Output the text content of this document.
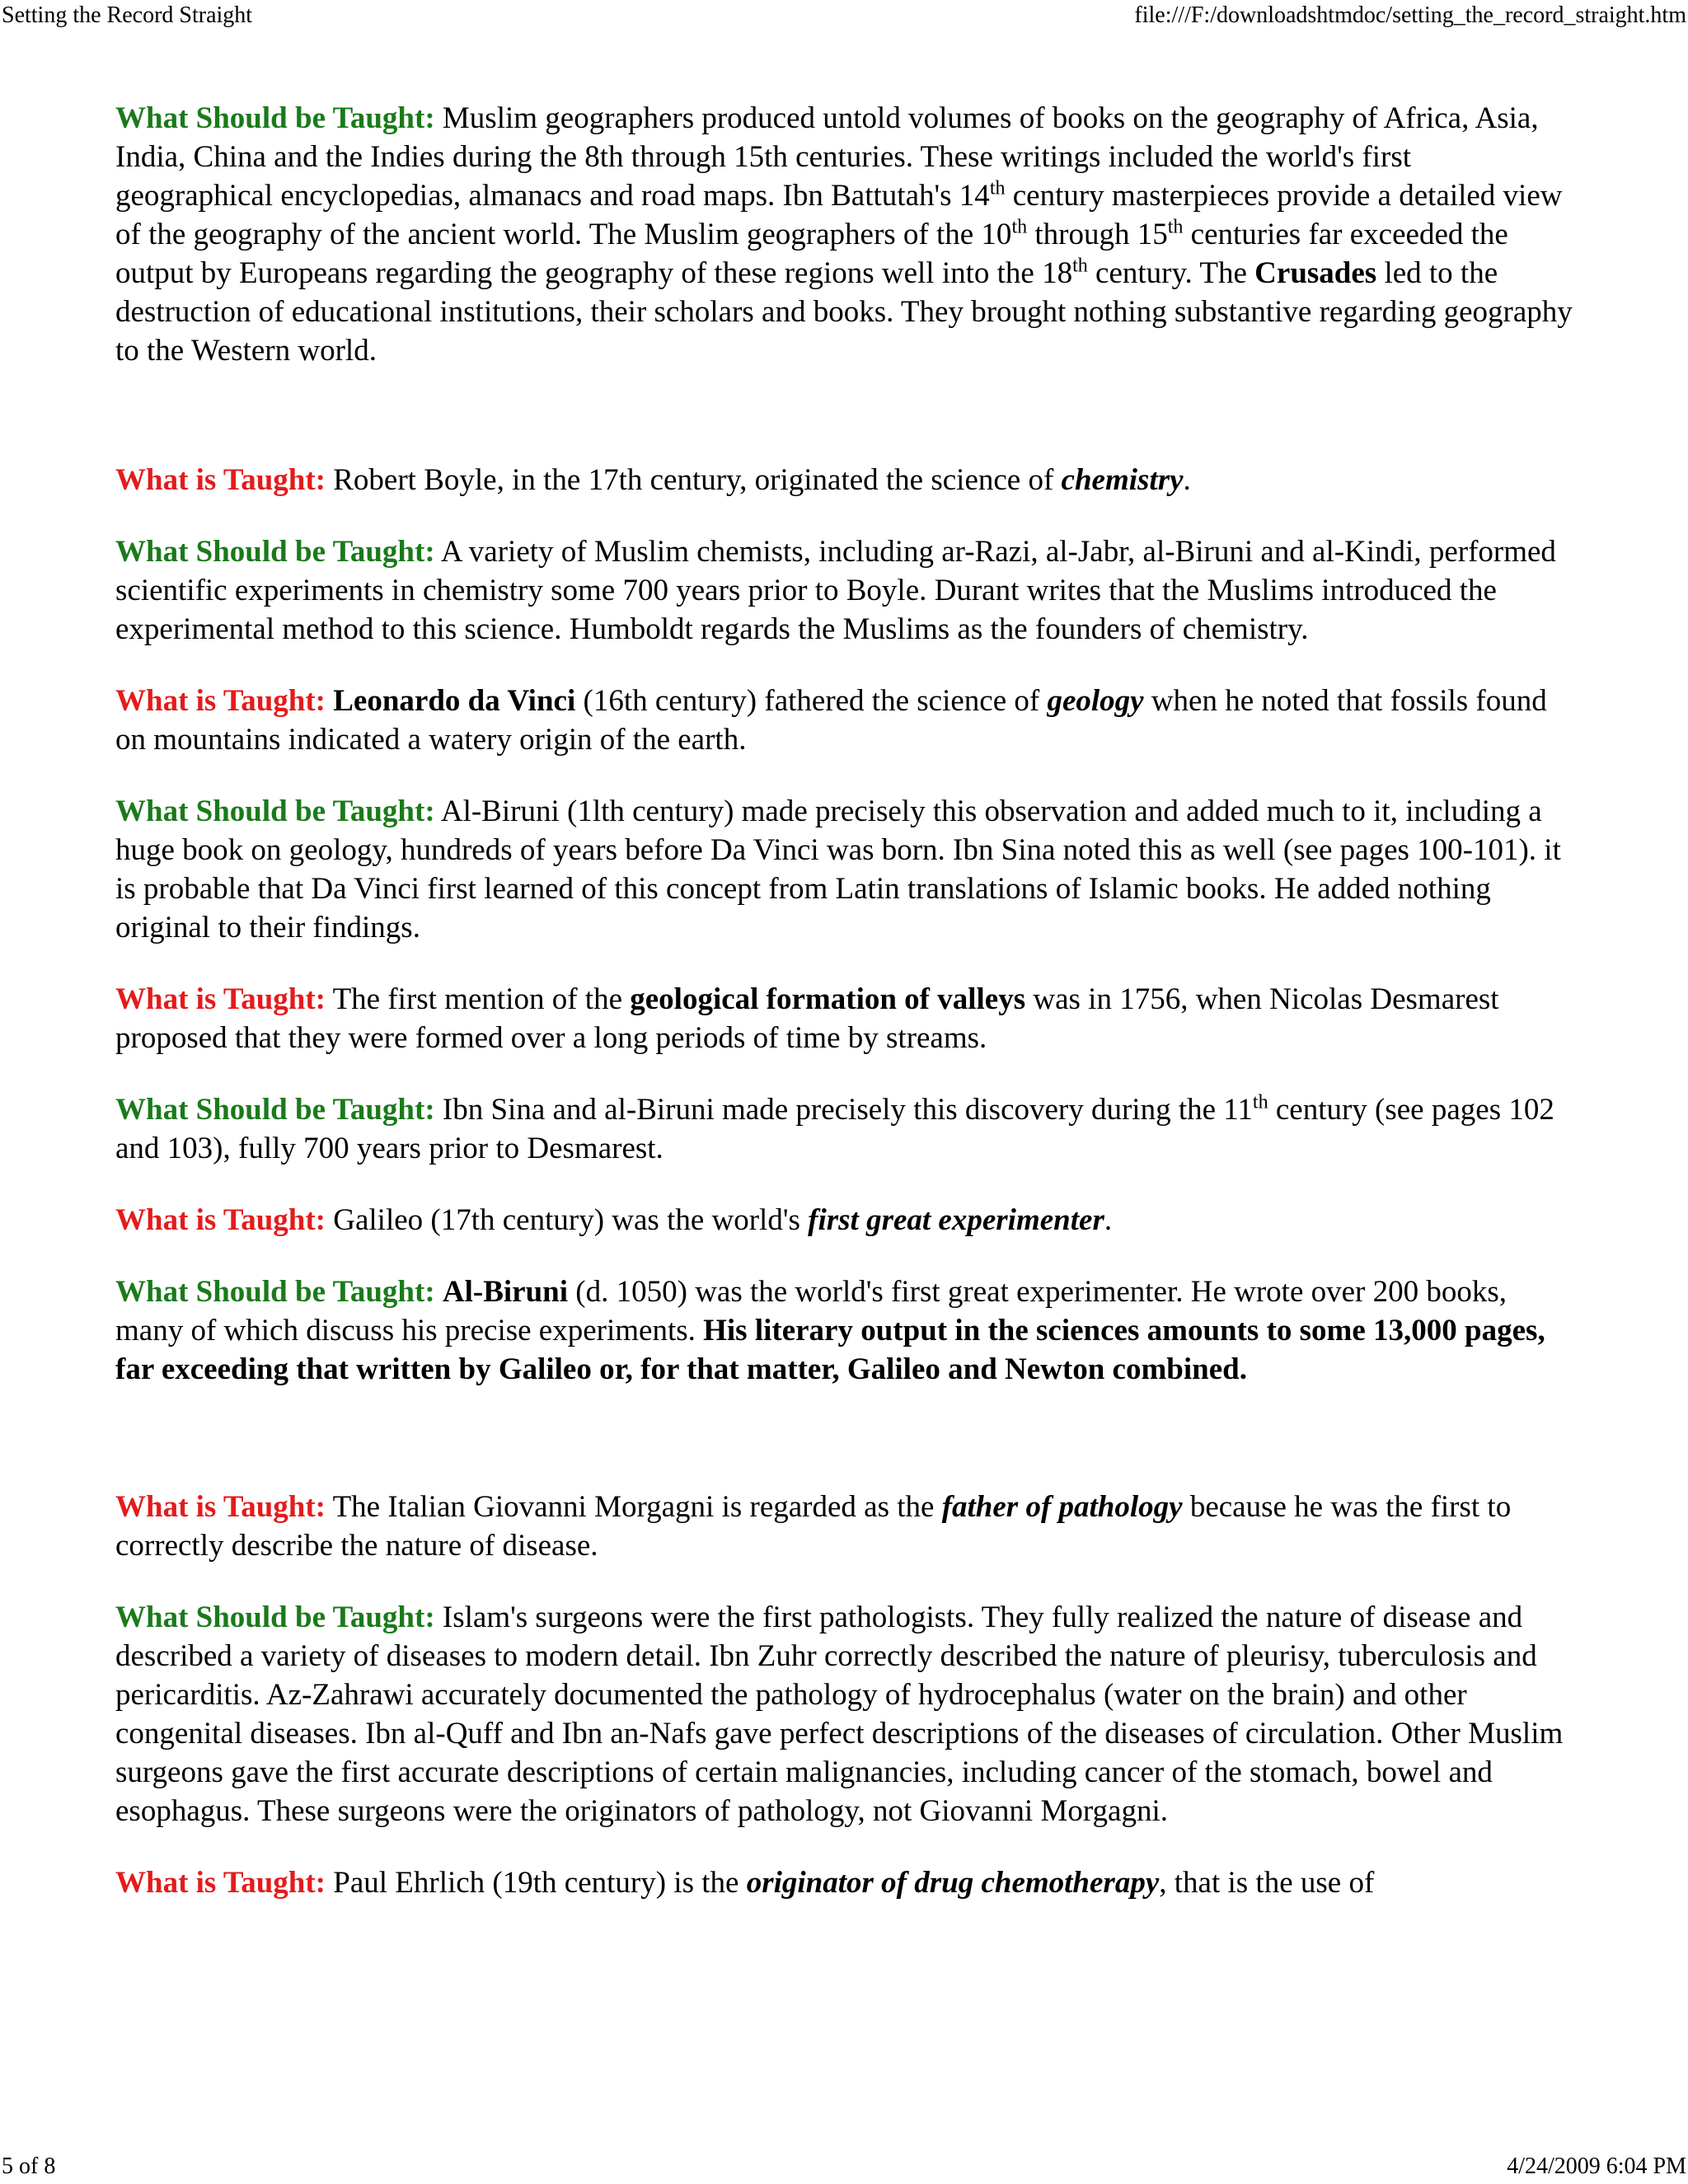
Setting the Record Straight	file:///F:/downloadshtmdoc/setting_the_record_straight.htm

What Should be Taught: Muslim geographers produced untold volumes of books on the geography of Africa, Asia, India, China and the Indies during the 8th through 15th centuries. These writings included the world's first geographical encyclopedias, almanacs and road maps. Ibn Battutah's 14th century masterpieces provide a detailed view of the geography of the ancient world. The Muslim geographers of the 10th through 15th centuries far exceeded the output by Europeans regarding the geography of these regions well into the 18th century. The Crusades led to the destruction of educational institutions, their scholars and books. They brought nothing substantive regarding geography to the Western world.

What is Taught: Robert Boyle, in the 17th century, originated the science of chemistry.

What Should be Taught: A variety of Muslim chemists, including ar-Razi, al-Jabr, al-Biruni and al-Kindi, performed scientific experiments in chemistry some 700 years prior to Boyle. Durant writes that the Muslims introduced the experimental method to this science. Humboldt regards the Muslims as the founders of chemistry.

What is Taught: Leonardo da Vinci (16th century) fathered the science of geology when he noted that fossils found on mountains indicated a watery origin of the earth.

What Should be Taught: Al-Biruni (1lth century) made precisely this observation and added much to it, including a huge book on geology, hundreds of years before Da Vinci was born. Ibn Sina noted this as well (see pages 100-101). it is probable that Da Vinci first learned of this concept from Latin translations of Islamic books. He added nothing original to their findings.

What is Taught: The first mention of the geological formation of valleys was in 1756, when Nicolas Desmarest proposed that they were formed over a long periods of time by streams.

What Should be Taught: Ibn Sina and al-Biruni made precisely this discovery during the 11th century (see pages 102 and 103), fully 700 years prior to Desmarest.

What is Taught: Galileo (17th century) was the world's first great experimenter.

What Should be Taught: Al-Biruni (d. 1050) was the world's first great experimenter. He wrote over 200 books, many of which discuss his precise experiments. His literary output in the sciences amounts to some 13,000 pages, far exceeding that written by Galileo or, for that matter, Galileo and Newton combined.

What is Taught: The Italian Giovanni Morgagni is regarded as the father of pathology because he was the first to correctly describe the nature of disease.

What Should be Taught: Islam's surgeons were the first pathologists. They fully realized the nature of disease and described a variety of diseases to modern detail. Ibn Zuhr correctly described the nature of pleurisy, tuberculosis and pericarditis. Az-Zahrawi accurately documented the pathology of hydrocephalus (water on the brain) and other congenital diseases. Ibn al-Quff and Ibn an-Nafs gave perfect descriptions of the diseases of circulation. Other Muslim surgeons gave the first accurate descriptions of certain malignancies, including cancer of the stomach, bowel and esophagus. These surgeons were the originators of pathology, not Giovanni Morgagni.

What is Taught: Paul Ehrlich (19th century) is the originator of drug chemotherapy, that is the use of

5 of 8	4/24/2009 6:04 PM
